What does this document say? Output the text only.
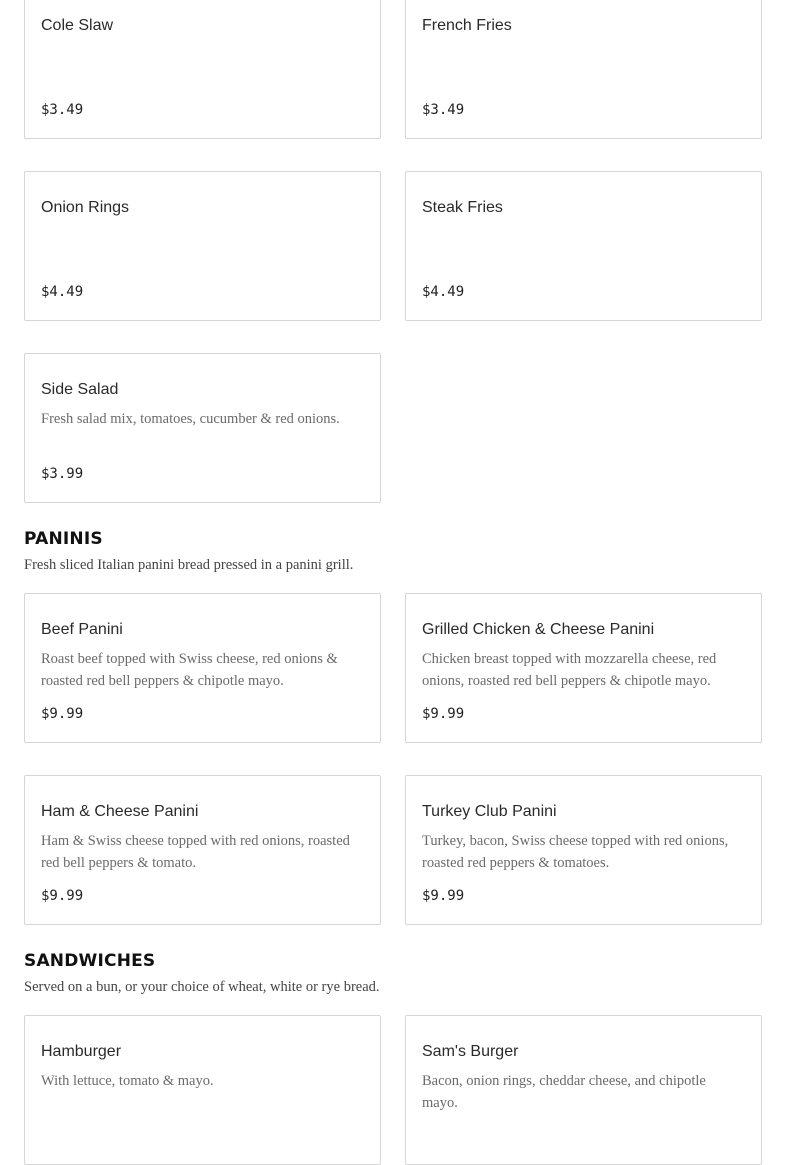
Cole Slaw
$3.49
French Fries
$3.49
Onion Rings
$4.49
Steak Fries
$4.49
Side Salad
Fresh salad mix, tomatoes, cucumber & red onions.
$3.99
PANINIS
Fresh sliced Italian panini bread pressed in a panini grill.
Beef Panini
Roast beef topped with Swiss cheese, red onions & roasted red bell peppers & chipotle mayo.
$9.99
Grilled Chicken & Cheese Panini
Chicken breast topped with mozzarella cheese, red onions, roasted red bell peppers & chipotle mayo.
$9.99
Ham & Cheese Panini
Ham & Swiss cheese topped with red onions, roasted red bell peppers & tomato.
$9.99
Turkey Club Panini
Turkey, bacon, Swiss cheese topped with red onions, roasted red peppers & tomatoes.
$9.99
SANDWICHES
Served on a bun, or your choice of wheat, white or rye bread.
Hamburger
With lettuce, tomato & mayo.
Sam's Burger
Bacon, onion rings, cheddar cheese, and chipotle mayo.
